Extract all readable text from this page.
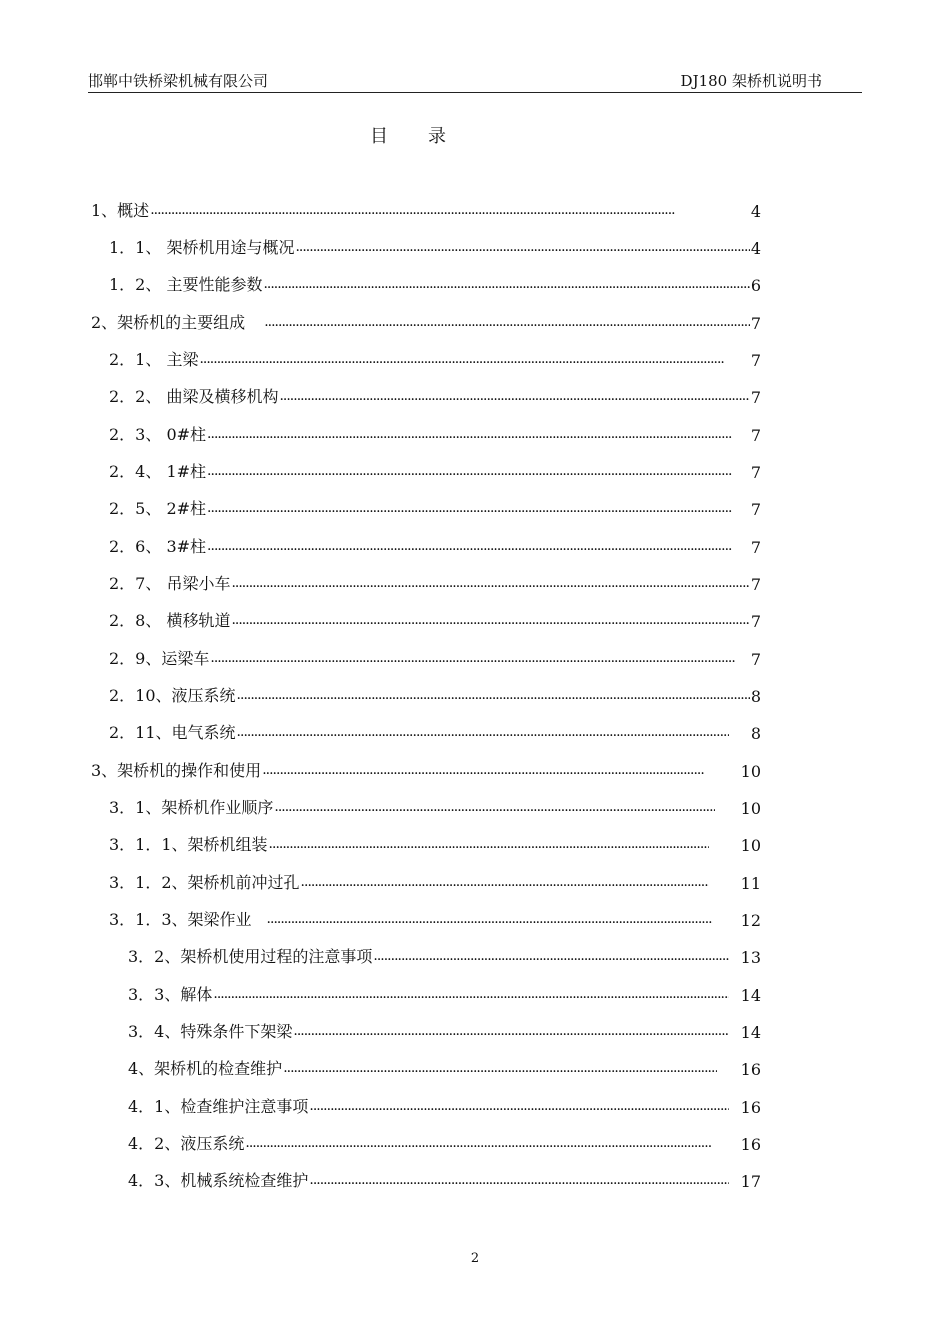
邯郸中铁桥梁机械有限公司	DJ180 架桥机说明书
目 录
1、概述 ·····	4
1．1、 架桥机用途与概况 ·····	4
1．2、 主要性能参数 ·····	6
2、架桥机的主要组成 ·····	7
2．1、 主梁 ·····	7
2．2、 曲梁及横移机构 ·····	7
2．3、 0#柱 ·····	7
2．4、 1#柱 ·····	7
2．5、 2#柱 ·····	7
2．6、 3#柱 ·····	7
2．7、 吊梁小车 ·····	7
2．8、 横移轨道 ·····	7
2．9、运梁车 ·····	7
2．10、液压系统 ·····	8
2．11、电气系统 ·····	8
3、架桥机的操作和使用 ·····	10
3．1、架桥机作业顺序 ·····	10
3．1．1、架桥机组装 ·····	10
3．1．2、架桥机前冲过孔 ·····	11
3．1．3、架梁作业 ·····	12
3．2、架桥机使用过程的注意事项 ·····	13
3．3、解体 ·····	14
3．4、特殊条件下架梁 ·····	14
4、架桥机的检查维护 ·····	16
4．1、检查维护注意事项 ·····	16
4．2、液压系统 ·····	16
4．3、机械系统检查维护 ·····	17
2
